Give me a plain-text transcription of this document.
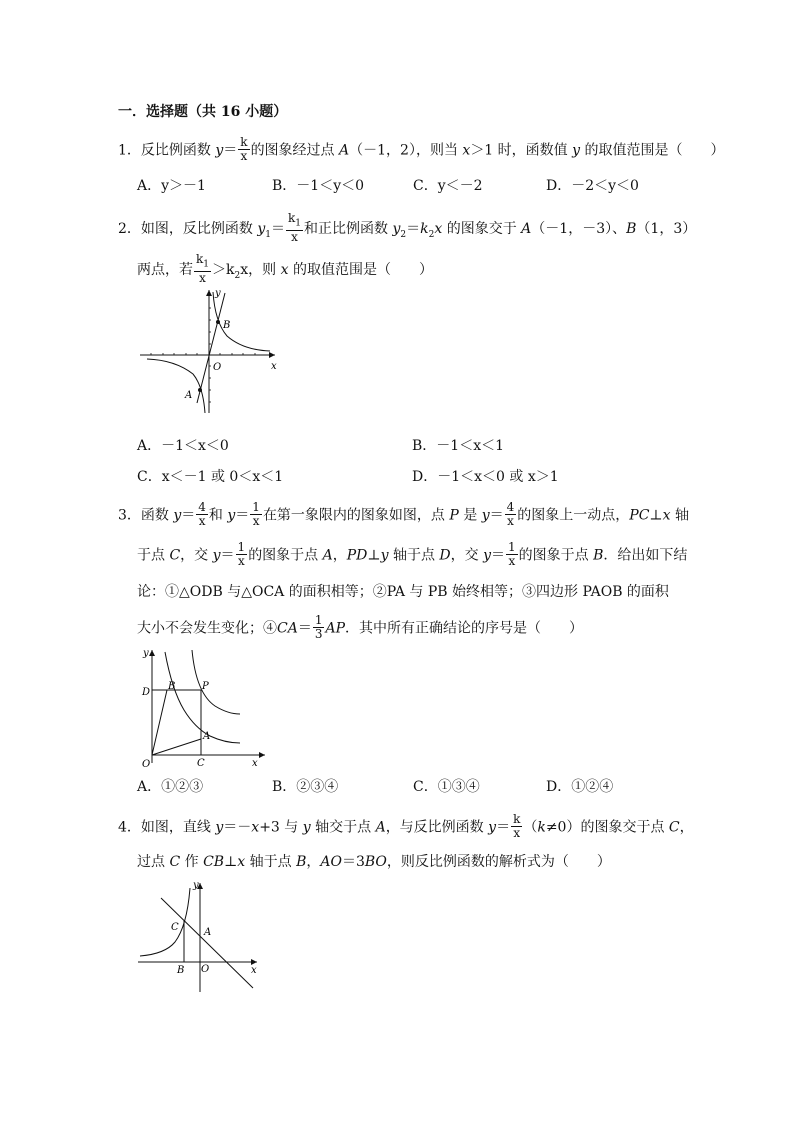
一．选择题（共 16 小题）
1．反比例函数 $y= \frac{k}{x}$ 的图象经过点 A（－1，2），则当 x＞1 时，函数值 y 的取值范围是（　　）
A．y＞－1	B．－1＜y＜0	C．y＜－2	D．－2＜y＜0
2．如图，反比例函数 $y_1= \frac{k_1}{x}$ 和正比例函数 $y_2=k_2x$ 的图象交于 A（－1，－3）、B（1，3）
两点，若 $\frac{k_1}{x} >k_2x$，则 x 的取值范围是（　　）
y
x
O
B
A
A．－1＜x＜0	B．－1＜x＜1
C．x＜－1 或 0＜x＜1	D．－1＜x＜0 或 x＞1
3．函数 $y= \frac{4}{x}$ 和 $y= \frac{1}{x}$ 在第一象限内的图象如图，点 P 是 $y= \frac{4}{x}$ 的图象上一动点，PC⊥x 轴
于点 C，交 $y= \frac{1}{x}$ 的图象于点 A，PD⊥y 轴于点 D，交 $y= \frac{1}{x}$ 的图象于点 B．给出如下结
论：①△ODB 与△OCA 的面积相等；②PA 与 PB 始终相等；③四边形 PAOB 的面积
大小不会发生变化；④CA＝ $\frac{1}{3}$ AP．其中所有正确结论的序号是（　　）
y
x
O
D
B	P
A
C
A．①②③	B．②③④	C．①③④	D．①②④
4．如图，直线 y＝－x+3 与 y 轴交于点 A，与反比例函数 $y= \frac{k}{x} (k\ne 0)$的图象交于点 C，
过点 C 作 CB⊥x 轴于点 B，AO＝3BO，则反比例函数的解析式为（　　）
y
x
O
C	A
B
